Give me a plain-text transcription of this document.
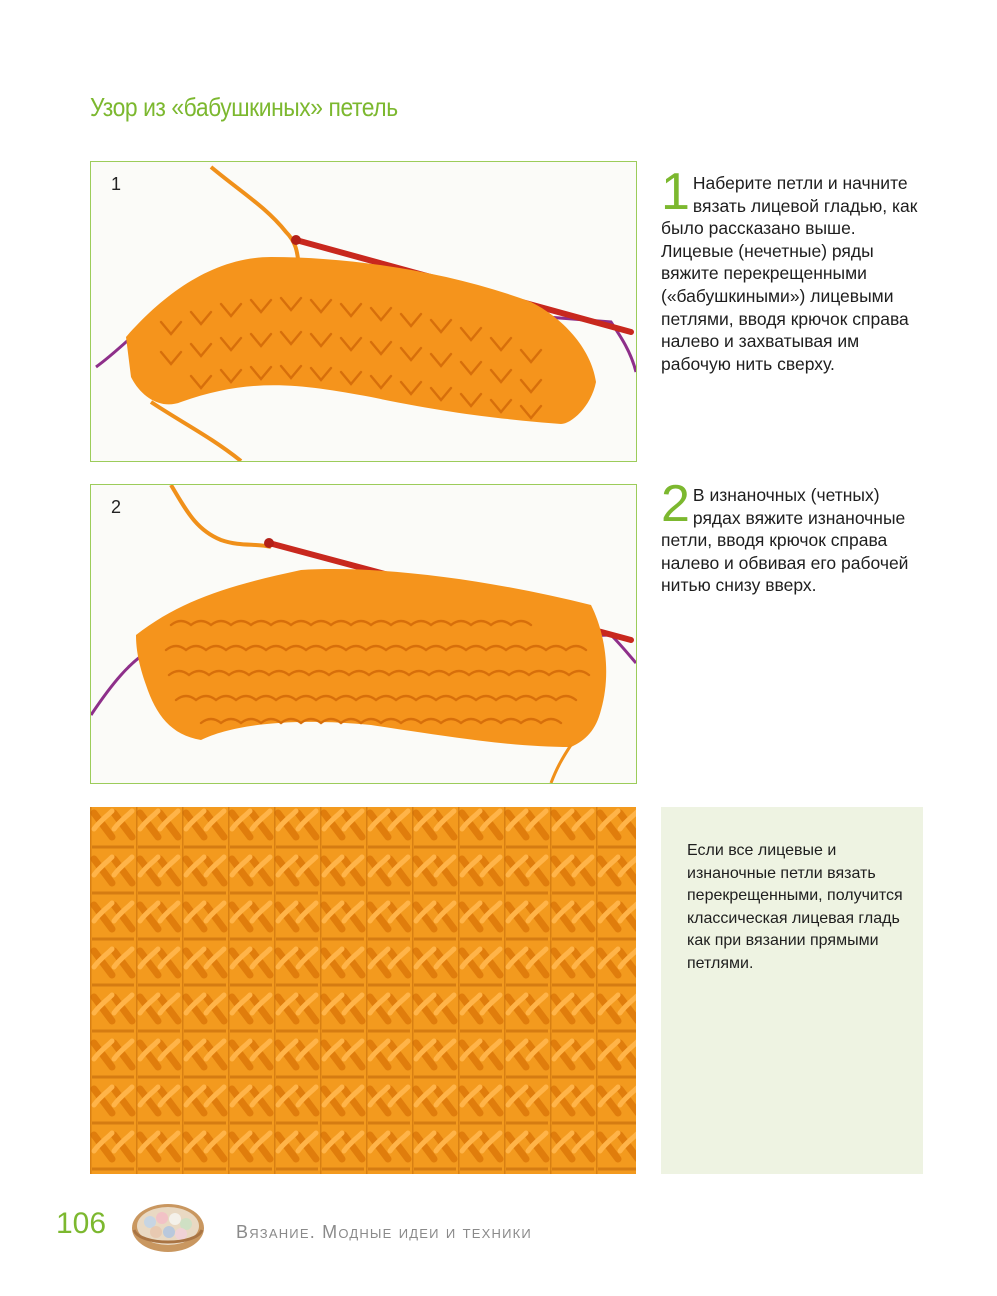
Узор из «бабушкиных» петель
1	1 Наберите петли и начните вязать лицевой гладью, как было рассказано выше. Лицевые (нечетные) ряды вяжите перекрещенными («бабушкиными») лицевыми петлями, вводя крючок справа налево и захватывая им рабочую нить сверху.
2	2 В изнаночных (четных) рядах вяжите изнаночные петли, вводя крючок справа налево и обвивая его рабочей нитью снизу вверх.
Если все лицевые и изнаночные петли вязать перекрещенными, получится классическая лицевая гладь как при вязании прямыми петлями.
106	Вязание. Модные идеи и техники
